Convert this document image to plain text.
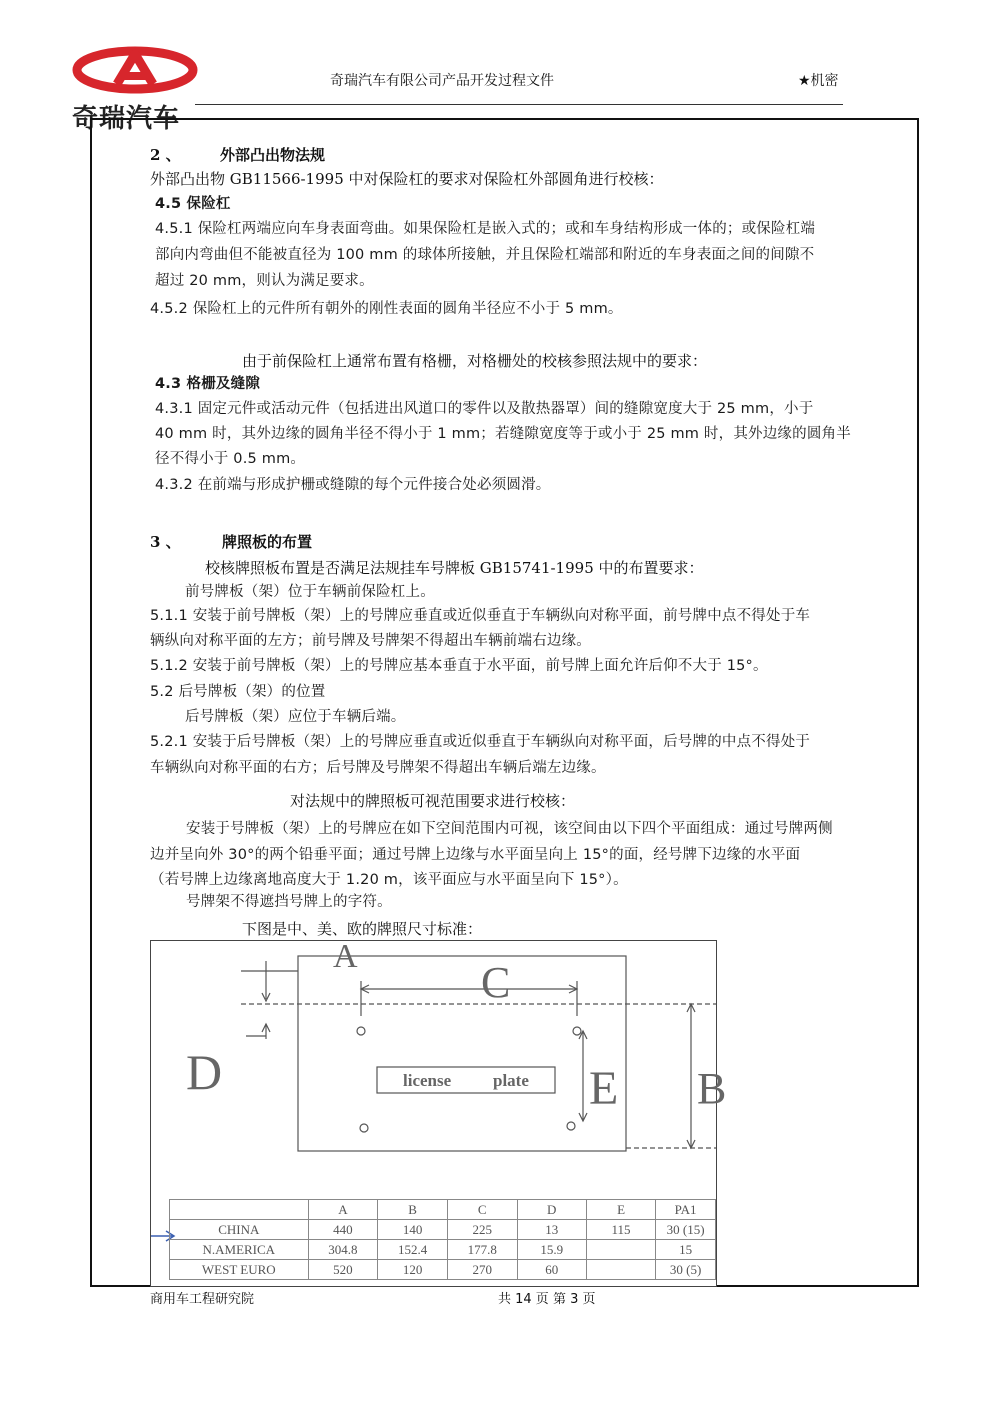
奇瑞汽车
奇瑞汽车有限公司产品开发过程文件	★机密
2 、	外部凸出物法规
外部凸出物 GB11566-1995 中对保险杠的要求对保险杠外部圆角进行校核：
4.5 保险杠
4.5.1 保险杠两端应向车身表面弯曲。如果保险杠是嵌入式的；或和车身结构形成一体的；或保险杠端
部向内弯曲但不能被直径为 100 mm 的球体所接触，并且保险杠端部和附近的车身表面之间的间隙不
超过 20 mm，则认为满足要求。
4.5.2 保险杠上的元件所有朝外的刚性表面的圆角半径应不小于 5 mm。
由于前保险杠上通常布置有格栅，对格栅处的校核参照法规中的要求：
4.3 格栅及缝隙
4.3.1 固定元件或活动元件（包括进出风道口的零件以及散热器罩）间的缝隙宽度大于 25 mm，小于
40 mm 时，其外边缘的圆角半径不得小于 1 mm；若缝隙宽度等于或小于 25 mm 时，其外边缘的圆角半
径不得小于 0.5 mm。
4.3.2 在前端与形成护栅或缝隙的每个元件接合处必须圆滑。
3 、	牌照板的布置
校核牌照板布置是否满足法规挂车号牌板 GB15741-1995 中的布置要求：
前号牌板（架）位于车辆前保险杠上。
5.1.1 安装于前号牌板（架）上的号牌应垂直或近似垂直于车辆纵向对称平面，前号牌中点不得处于车
辆纵向对称平面的左方；前号牌及号牌架不得超出车辆前端右边缘。
5.1.2 安装于前号牌板（架）上的号牌应基本垂直于水平面，前号牌上面允许后仰不大于 15°。
5.2 后号牌板（架）的位置
后号牌板（架）应位于车辆后端。
5.2.1 安装于后号牌板（架）上的号牌应垂直或近似垂直于车辆纵向对称平面，后号牌的中点不得处于
车辆纵向对称平面的右方；后号牌及号牌架不得超出车辆后端左边缘。
对法规中的牌照板可视范围要求进行校核：
安装于号牌板（架）上的号牌应在如下空间范围内可视，该空间由以下四个平面组成：通过号牌两侧
边并呈向外 30°的两个铅垂平面；通过号牌上边缘与水平面呈向上 15°的面，经号牌下边缘的水平面
（若号牌上边缘离地高度大于 1.20 m，该平面应与水平面呈向下 15°）。
号牌架不得遮挡号牌上的字符。
下图是中、美、欧的牌照尺寸标准：
A
C
D	E B
license plate
	A	B	C	D	E	PA1
CHINA	440	140	225	13	115	30 (15)
N.AMERICA	304.8	152.4	177.8	15.9		15
WEST EURO	520	120	270	60		30 (5)
商用车工程研究院	共 14 页 第 3 页
